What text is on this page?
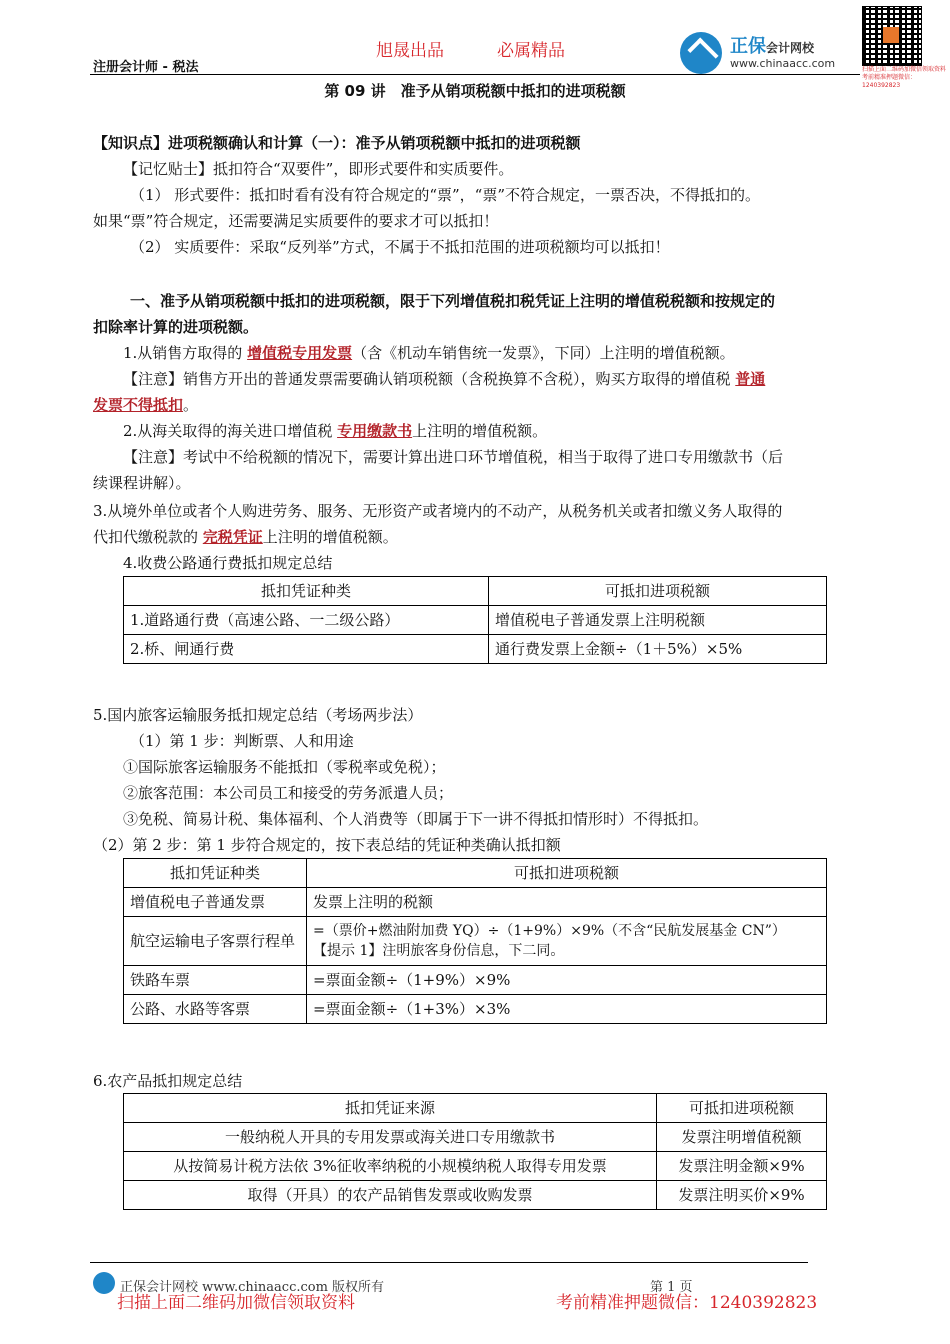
注册会计师 - 税法
旭晟出品	必属精品	正保会计网校
www.chinaacc.com	扫描上面二维码加微信领取资料 考前精准押题微信：1240392823
第 09 讲　准予从销项税额中抵扣的进项税额
【知识点】进项税额确认和计算（一）：准予从销项税额中抵扣的进项税额
【记忆贴士】抵扣符合“双要件”，即形式要件和实质要件。
（1） 形式要件：抵扣时看有没有符合规定的“票”，“票”不符合规定，一票否决，不得抵扣的。
如果“票”符合规定，还需要满足实质要件的要求才可以抵扣！
（2） 实质要件：采取“反列举”方式，不属于不抵扣范围的进项税额均可以抵扣！
一、准予从销项税额中抵扣的进项税额，限于下列增值税扣税凭证上注明的增值税税额和按规定的
扣除率计算的进项税额。
1.从销售方取得的 增值税专用发票（含《机动车销售统一发票》，下同）上注明的增值税额。
【注意】销售方开出的普通发票需要确认销项税额（含税换算不含税），购买方取得的增值税 普通
发票不得抵扣。
2.从海关取得的海关进口增值税 专用缴款书上注明的增值税额。
【注意】考试中不给税额的情况下，需要计算出进口环节增值税，相当于取得了进口专用缴款书（后
续课程讲解）。
3.从境外单位或者个人购进劳务、服务、无形资产或者境内的不动产，从税务机关或者扣缴义务人取得的
代扣代缴税款的 完税凭证上注明的增值税额。
4.收费公路通行费抵扣规定总结
抵扣凭证种类	可抵扣进项税额
1.道路通行费（高速公路、一二级公路）	增值税电子普通发票上注明税额
2.桥、闸通行费	通行费发票上金额÷（1＋5%）×5%
5.国内旅客运输服务抵扣规定总结（考场两步法）
（1）第 1 步：判断票、人和用途
①国际旅客运输服务不能抵扣（零税率或免税）；
②旅客范围：本公司员工和接受的劳务派遣人员；
③免税、简易计税、集体福利、个人消费等（即属于下一讲不得抵扣情形时）不得抵扣。
（2）第 2 步：第 1 步符合规定的，按下表总结的凭证种类确认抵扣额
抵扣凭证种类	可抵扣进项税额
增值税电子普通发票	发票上注明的税额
航空运输电子客票行程单	=（票价+燃油附加费 YQ）÷（1+9%）×9%（不含“民航发展基金 CN”）
【提示 1】注明旅客身份信息，下二同。

铁路车票	=票面金额÷（1+9%）×9%
公路、水路等客票	=票面金额÷（1+3%）×3%
6.农产品抵扣规定总结
抵扣凭证来源	可抵扣进项税额
一般纳税人开具的专用发票或海关进口专用缴款书	发票注明增值税额
从按简易计税方法依 3%征收率纳税的小规模纳税人取得专用发票	发票注明金额×9%
取得（开具）的农产品销售发票或收购发票	发票注明买价×9%
正保会计网校 www.chinaacc.com 版权所有	第 1 页
扫描上面二维码加微信领取资料	考前精准押题微信：1240392823
